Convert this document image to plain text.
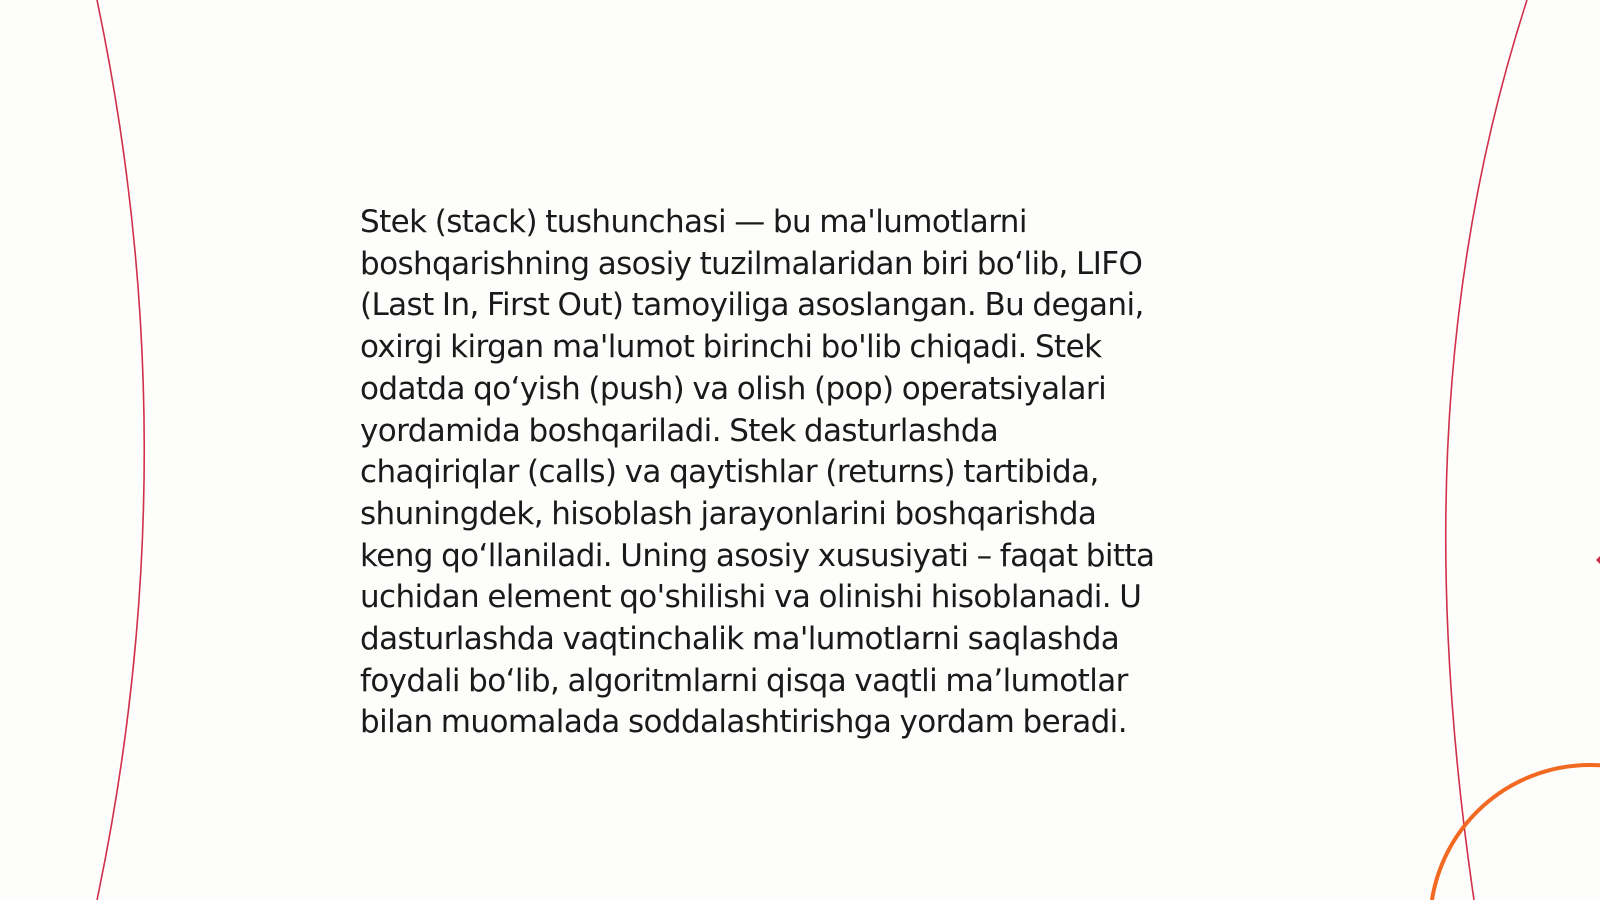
Stek (stack) tushunchasi — bu ma'lumotlarni
boshqarishning asosiy tuzilmalaridan biri bo‘lib, LIFO
(Last In, First Out) tamoyiliga asoslangan. Bu degani,
oxirgi kirgan ma'lumot birinchi bo'lib chiqadi. Stek
odatda qo‘yish (push) va olish (pop) operatsiyalari
yordamida boshqariladi. Stek dasturlashda
chaqiriqlar (calls) va qaytishlar (returns) tartibida,
shuningdek, hisoblash jarayonlarini boshqarishda
keng qo‘llaniladi. Uning asosiy xususiyati – faqat bitta
uchidan element qo'shilishi va olinishi hisoblanadi. U
dasturlashda vaqtinchalik ma'lumotlarni saqlashda
foydali bo‘lib, algoritmlarni qisqa vaqtli ma’lumotlar
bilan muomalada soddalashtirishga yordam beradi.
